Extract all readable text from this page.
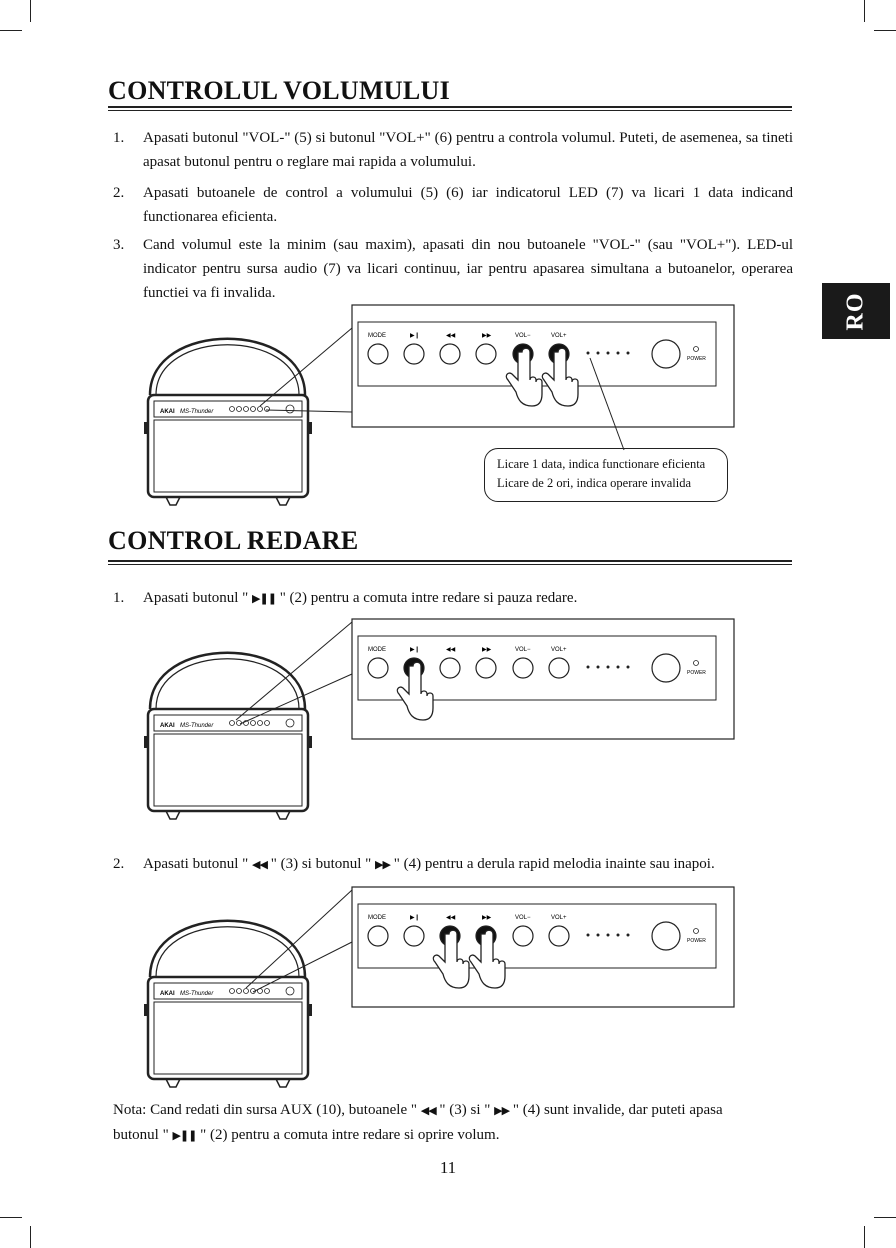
RO
CONTROLUL VOLUMULUI
1. Apasati butonul "VOL-" (5) si butonul "VOL+" (6) pentru a controla volumul. Puteti, de asemenea, sa tineti apasat butonul pentru o reglare mai rapida a volumului.
2. Apasati butoanele de control a volumului (5) (6) iar indicatorul LED (7) va licari 1 data indicand functionarea eficienta.
3. Cand volumul este la minim (sau maxim), apasati din nou butoanele "VOL-" (sau "VOL+"). LED-ul indicator pentru sursa audio (7) va licari continuu, iar pentru apasarea simultana a butoanelor, operarea functiei va fi invalida.
AKAI MS-Thunder
MODE	▶❙	◀◀	▶▶	VOL−	VOL+
POWER
Licare 1 data, indica functionare eficienta
Licare de 2 ori, indica operare invalida
CONTROL REDARE
1. Apasati butonul " ▶❚❚ " (2) pentru a comuta intre redare si pauza redare.
AKAI MS-Thunder
MODE	▶❙	◀◀	▶▶	VOL−	VOL+
POWER
2. Apasati butonul " ◀◀ " (3) si butonul " ▶▶ " (4) pentru a derula rapid melodia inainte sau inapoi.
AKAI MS-Thunder
MODE	▶❙	◀◀	▶▶	VOL−	VOL+
POWER
Nota: Cand redati din sursa AUX (10), butoanele " ◀◀ " (3) si " ▶▶ " (4) sunt invalide, dar puteti apasa
butonul " ▶❚❚ " (2) pentru a comuta intre redare si oprire volum.
11
